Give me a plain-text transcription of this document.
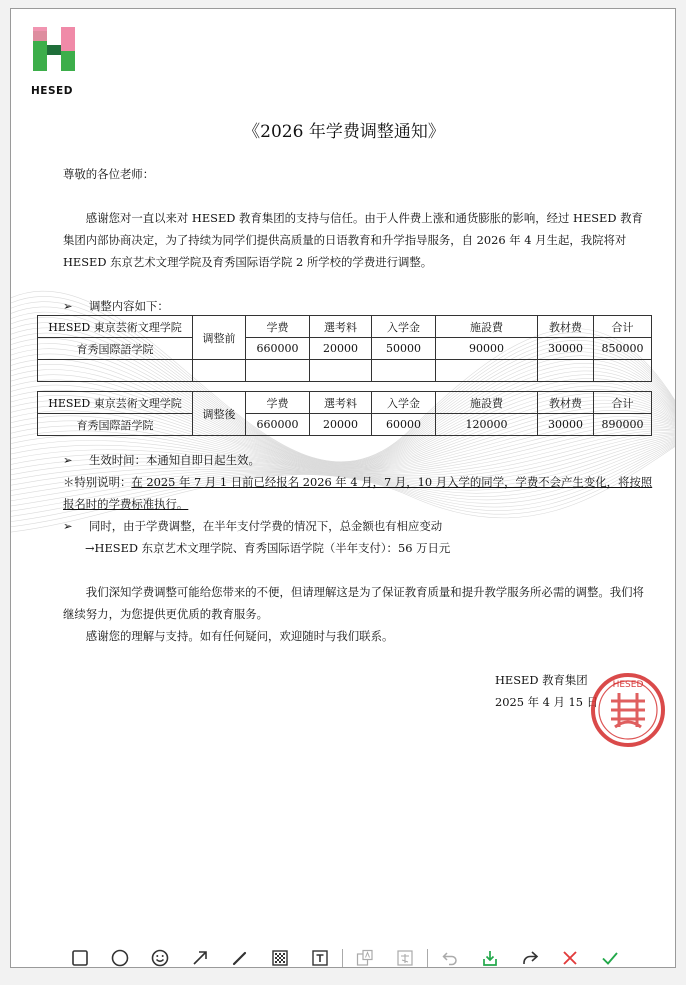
HESED
《2026 年学费调整通知》
尊敬的各位老师：
感谢您对一直以来对 HESED 教育集团的支持与信任。由于人件费上涨和通货膨胀的影响，经过 HESED 教育集团内部协商决定，为了持续为同学们提供高质量的日语教育和升学指导服务，自 2026 年 4 月生起，我院将对 HESED 东京艺术文理学院及育秀国际语学院 2 所学校的学费进行调整。
➢ 调整内容如下：
HESED 東京芸術文理学院	调整前	学费	選考料	入学金	施設費	教材费	合计
育秀国際語学院		660000	20000	50000	90000	30000	850000

HESED 東京芸術文理学院	调整後	学费	選考料	入学金	施設費	教材费	合计
育秀国際語学院		660000	20000	60000	120000	30000	890000
➢ 生效时间：本通知自即日起生效。
＊特别说明：在 2025 年 7 月 1 日前已经报名 2026 年 4 月，7 月，10 月入学的同学，学费不会产生变化，将按照报名时的学费标准执行。
➢ 同时，由于学费调整，在半年支付学费的情况下，总金额也有相应变动
→HESED 东京艺术文理学院、育秀国际语学院（半年支付）：56 万日元
我们深知学费调整可能给您带来的不便，但请理解这是为了保证教育质量和提升教学服务所必需的调整。我们将继续努力，为您提供更优质的教育服务。
感谢您的理解与支持。如有任何疑问，欢迎随时与我们联系。
HESED 教育集团
2025 年 4 月 15 日
HESED
